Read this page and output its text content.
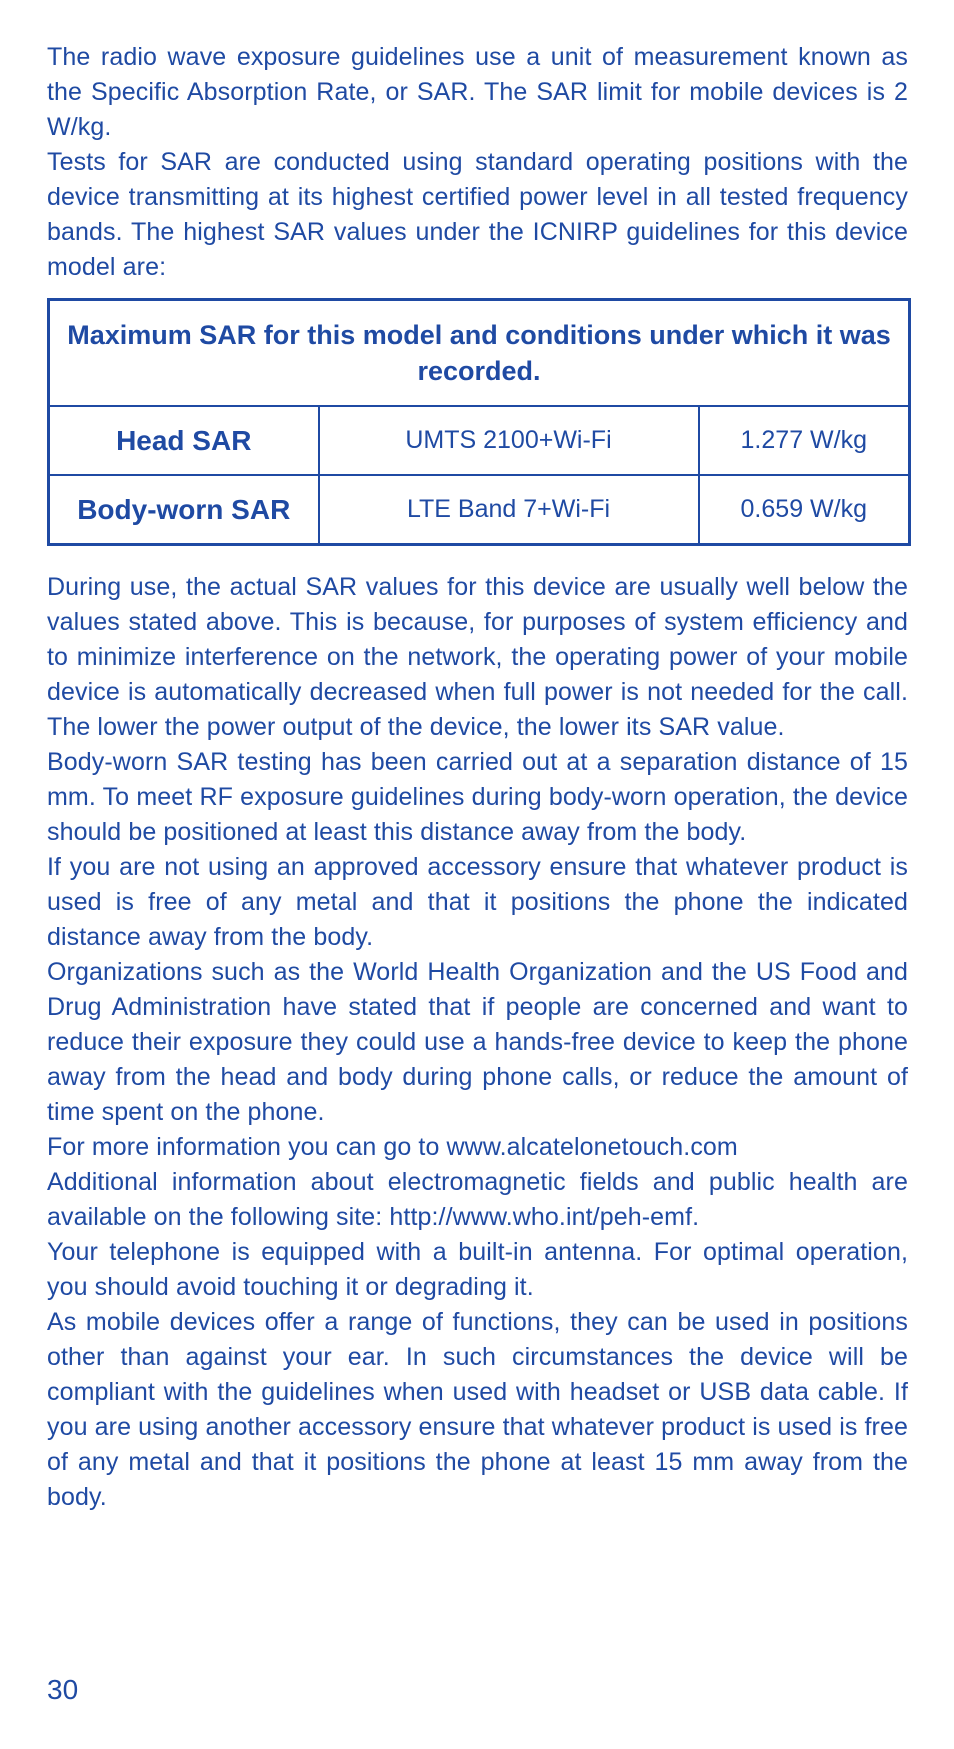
The radio wave exposure guidelines use a unit of measurement known as the Specific Absorption Rate, or SAR. The SAR limit for mobile devices is 2 W/kg.

Tests for SAR are conducted using standard operating positions with the device transmitting at its highest certified power level in all tested frequency bands. The highest SAR values under the ICNIRP guidelines for this device model are:

Maximum SAR for this model and conditions under which it was recorded.		
Head SAR	UMTS 2100+Wi-Fi	1.277 W/kg
Body-worn SAR	LTE Band 7+Wi-Fi	0.659 W/kg

During use, the actual SAR values for this device are usually well below the values stated above. This is because, for purposes of system efficiency and to minimize interference on the network, the operating power of your mobile device is automatically decreased when full power is not needed for the call. The lower the power output of the device, the lower its SAR value.

Body-worn SAR testing has been carried out at a separation distance of 15 mm. To meet RF exposure guidelines during body-worn operation, the device should be positioned at least this distance away from the body.

If you are not using an approved accessory ensure that whatever product is used is free of any metal and that it positions the phone the indicated distance away from the body.

Organizations such as the World Health Organization and the US Food and Drug Administration have stated that if people are concerned and want to reduce their exposure they could use a hands-free device to keep the phone away from the head and body during phone calls, or reduce the amount of time spent on the phone.

For more information you can go to www.alcatelonetouch.com

Additional information about electromagnetic fields and public health are available on the following site: http://www.who.int/peh-emf.

Your telephone is equipped with a built-in antenna. For optimal operation, you should avoid touching it or degrading it.

As mobile devices offer a range of functions, they can be used in positions other than against your ear. In such circumstances the device will be compliant with the guidelines when used with headset or USB data cable. If you are using another accessory ensure that whatever product is used is free of any metal and that it positions the phone at least 15 mm away from the body.

30
